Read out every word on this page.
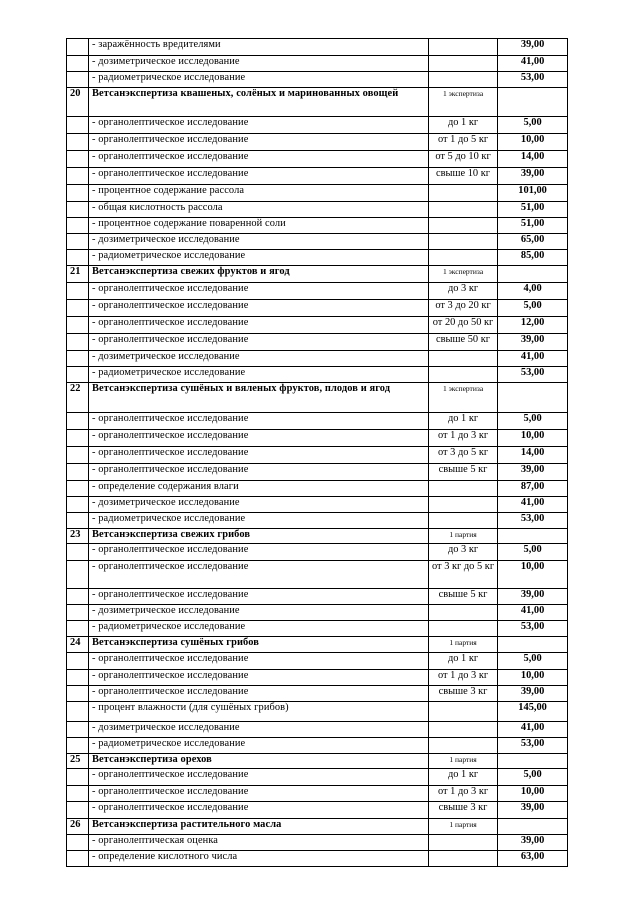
	- заражённость вредителями		39,00
	- дозиметрическое исследование		41,00
	- радиометрическое исследование		53,00
20	Ветсанэкспертиза квашеных, солёных и маринованных овощей	1 экспертиза	
	- органолептическое исследование	до 1 кг	5,00
	- органолептическое исследование	от 1 до 5 кг	10,00
	- органолептическое исследование	от 5 до 10 кг	14,00
	- органолептическое исследование	свыше 10 кг	39,00
	- процентное содержание рассола		101,00
	- общая кислотность рассола		51,00
	- процентное содержание поваренной соли		51,00
	- дозиметрическое исследование		65,00
	- радиометрическое исследование		85,00
21	Ветсанэкспертиза свежих фруктов и ягод	1 экспертиза	
	- органолептическое исследование	до 3 кг	4,00
	- органолептическое исследование	от 3 до 20 кг	5,00
	- органолептическое исследование	от 20 до 50 кг	12,00
	- органолептическое исследование	свыше 50 кг	39,00
	- дозиметрическое исследование		41,00
	- радиометрическое исследование		53,00
22	Ветсанэкспертиза сушёных и вяленых фруктов, плодов и ягод	1 экспертиза	
	- органолептическое исследование	до 1 кг	5,00
	- органолептическое исследование	от 1 до 3 кг	10,00
	- органолептическое исследование	от 3 до 5 кг	14,00
	- органолептическое исследование	свыше 5 кг	39,00
	- определение содержания влаги		87,00
	- дозиметрическое исследование		41,00
	- радиометрическое исследование		53,00
23	Ветсанэкспертиза свежих грибов	1 партия	
	- органолептическое исследование	до 3 кг	5,00
	- органолептическое исследование	от 3 кг до 5 кг	10,00
	- органолептическое исследование	свыше 5 кг	39,00
	- дозиметрическое исследование		41,00
	- радиометрическое исследование		53,00
24	Ветсанэкспертиза сушёных грибов	1 партия	
	- органолептическое исследование	до 1 кг	5,00
	- органолептическое исследование	от 1 до 3 кг	10,00
	- органолептическое исследование	свыше 3 кг	39,00
	- процент влажности (для сушёных грибов)		145,00
	- дозиметрическое исследование		41,00
	- радиометрическое исследование		53,00
25	Ветсанэкспертиза орехов	1 партия	
	- органолептическое исследование	до 1 кг	5,00
	- органолептическое исследование	от 1 до 3 кг	10,00
	- органолептическое исследование	свыше 3 кг	39,00
26	Ветсанэкспертиза растительного масла	1 партия	
	- органолептическая оценка		39,00
	- определение кислотного числа		63,00
